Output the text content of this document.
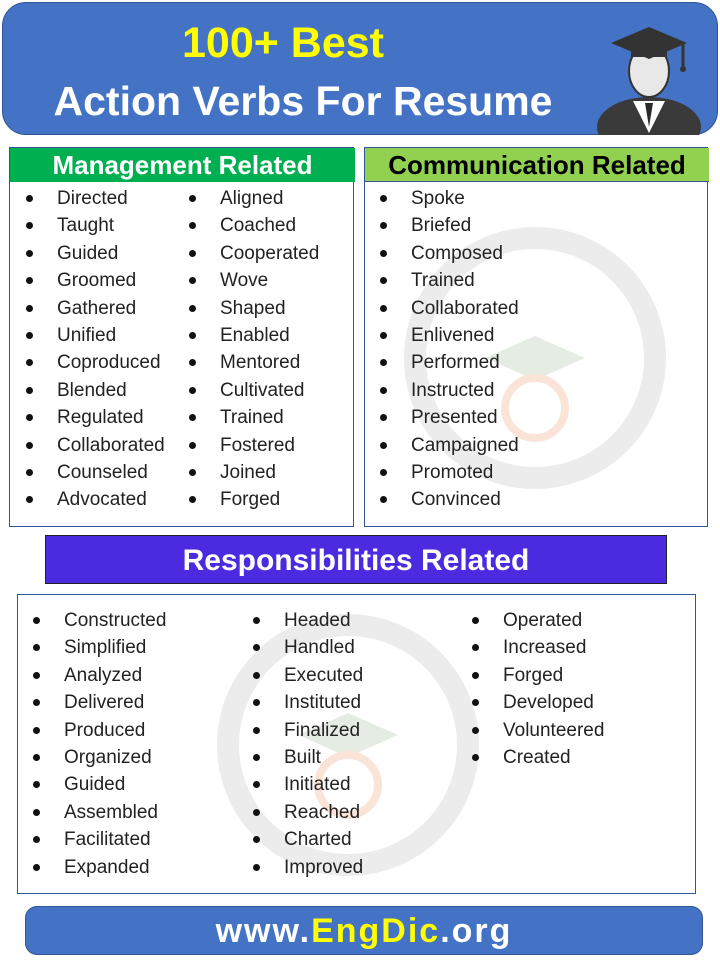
100+ Best
Action Verbs For Resume
Management Related
Directed
Taught
Guided
Groomed
Gathered
Unified
Coproduced
Blended
Regulated
Collaborated
Counseled
Advocated
Aligned
Coached
Cooperated
Wove
Shaped
Enabled
Mentored
Cultivated
Trained
Fostered
Joined
Forged
Communication Related
Spoke
Briefed
Composed
Trained
Collaborated
Enlivened
Performed
Instructed
Presented
Campaigned
Promoted
Convinced
Responsibilities Related
Constructed
Simplified
Analyzed
Delivered
Produced
Organized
Guided
Assembled
Facilitated
Expanded
Headed
Handled
Executed
Instituted
Finalized
Built
Initiated
Reached
Charted
Improved
Operated
Increased
Forged
Developed
Volunteered
Created
www.EngDic.org
